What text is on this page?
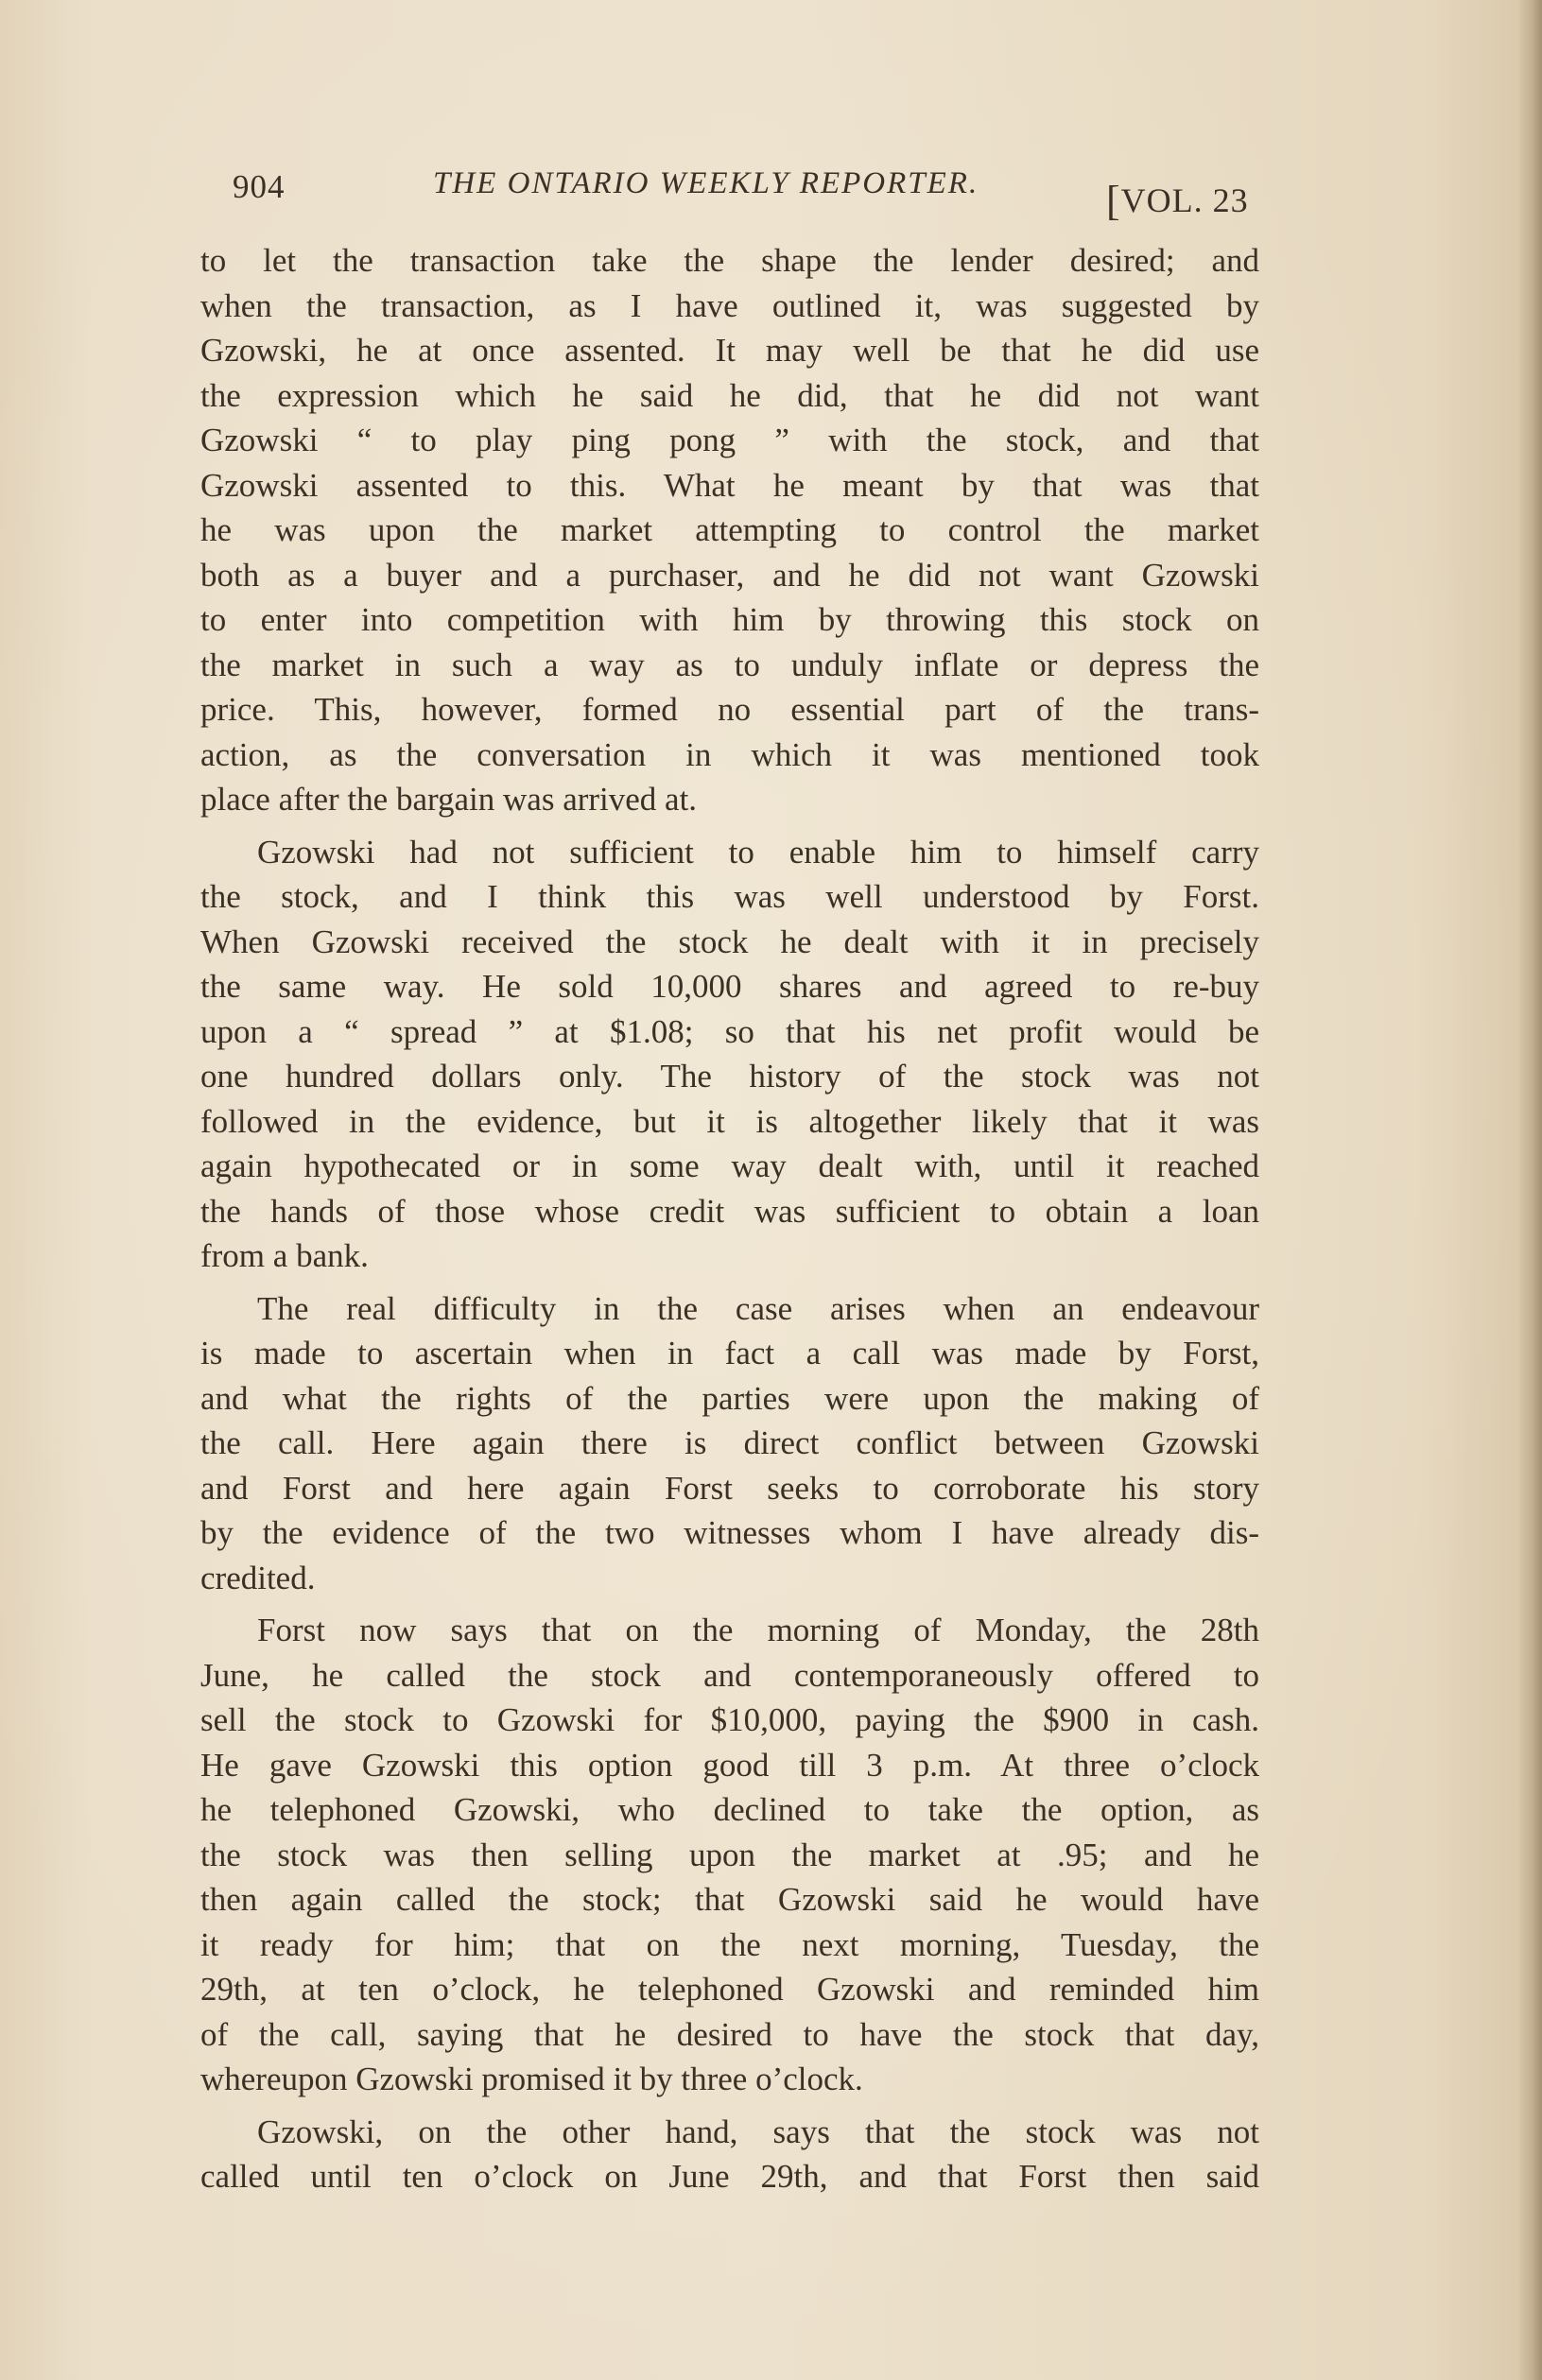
904	THE ONTARIO WEEKLY REPORTER.	[VOL. 23

to let the transaction take the shape the lender desired; and
when the transaction, as I have outlined it, was suggested by
Gzowski, he at once assented. It may well be that he did use
the expression which he said he did, that he did not want
Gzowski “ to play ping pong ” with the stock, and that
Gzowski assented to this. What he meant by that was that
he was upon the market attempting to control the market
both as a buyer and a purchaser, and he did not want Gzowski
to enter into competition with him by throwing this stock on
the market in such a way as to unduly inflate or depress the
price. This, however, formed no essential part of the trans-
action, as the conversation in which it was mentioned took
place after the bargain was arrived at.

Gzowski had not sufficient to enable him to himself carry
the stock, and I think this was well understood by Forst.
When Gzowski received the stock he dealt with it in precisely
the same way. He sold 10,000 shares and agreed to re-buy
upon a “ spread ” at $1.08; so that his net profit would be
one hundred dollars only. The history of the stock was not
followed in the evidence, but it is altogether likely that it was
again hypothecated or in some way dealt with, until it reached
the hands of those whose credit was sufficient to obtain a loan
from a bank.

The real difficulty in the case arises when an endeavour
is made to ascertain when in fact a call was made by Forst,
and what the rights of the parties were upon the making of
the call. Here again there is direct conflict between Gzowski
and Forst and here again Forst seeks to corroborate his story
by the evidence of the two witnesses whom I have already dis-
credited.

Forst now says that on the morning of Monday, the 28th
June, he called the stock and contemporaneously offered to
sell the stock to Gzowski for $10,000, paying the $900 in cash.
He gave Gzowski this option good till 3 p.m. At three o’clock
he telephoned Gzowski, who declined to take the option, as
the stock was then selling upon the market at .95; and he
then again called the stock; that Gzowski said he would have
it ready for him; that on the next morning, Tuesday, the
29th, at ten o’clock, he telephoned Gzowski and reminded him
of the call, saying that he desired to have the stock that day,
whereupon Gzowski promised it by three o’clock.

Gzowski, on the other hand, says that the stock was not
called until ten o’clock on June 29th, and that Forst then said
